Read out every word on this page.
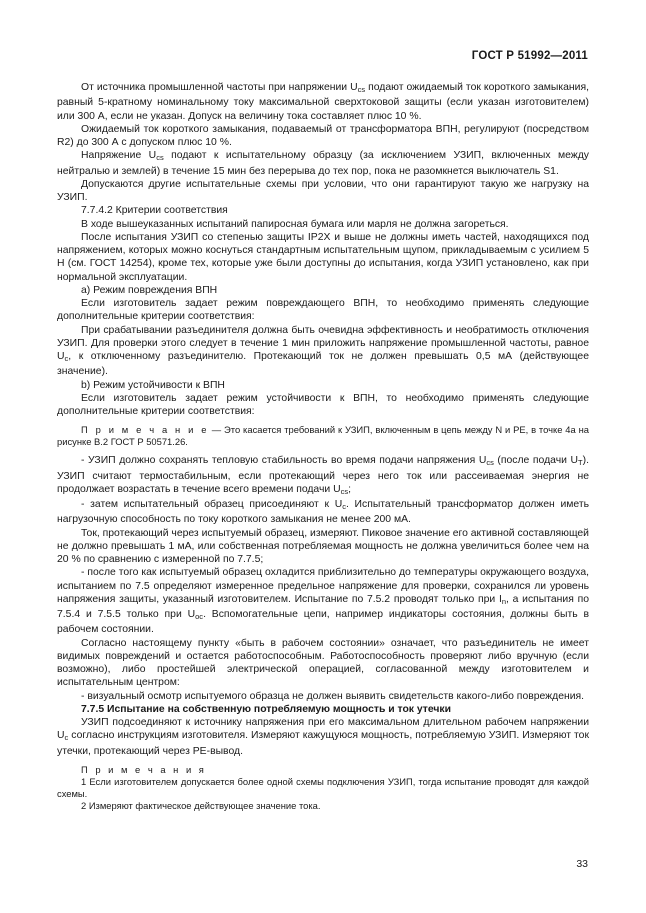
ГОСТ Р 51992—2011

От источника промышленной частоты при напряжении $U_{cs}$ подают ожидаемый ток короткого замыкания, равный 5-кратному номинальному току максимальной сверхтоковой защиты (если указан изготовителем) или 300 А, если не указан. Допуск на величину тока составляет плюс 10 %.

Ожидаемый ток короткого замыкания, подаваемый от трансформатора ВПН, регулируют (посредством R2) до 300 А с допуском плюс 10 %.

Напряжение $U_{cs}$ подают к испытательному образцу (за исключением УЗИП, включенных между нейтралью и землей) в течение 15 мин без перерыва до тех пор, пока не разомкнется выключатель S1.

Допускаются другие испытательные схемы при условии, что они гарантируют такую же нагрузку на УЗИП.

7.7.4.2 Критерии соответствия

В ходе вышеуказанных испытаний папиросная бумага или марля не должна загореться.

После испытания УЗИП со степенью защиты IP2X и выше не должны иметь частей, находящихся под напряжением, которых можно коснуться стандартным испытательным щупом, прикладываемым с усилием 5 Н (см. ГОСТ 14254), кроме тех, которые уже были доступны до испытания, когда УЗИП установлено, как при нормальной эксплуатации.

a) Режим повреждения ВПН

Если изготовитель задает режим повреждающего ВПН, то необходимо применять следующие дополнительные критерии соответствия:

При срабатывании разъединителя должна быть очевидна эффективность и необратимость отключения УЗИП. Для проверки этого следует в течение 1 мин приложить напряжение промышленной частоты, равное $U_c$, к отключенному разъединителю. Протекающий ток не должен превышать 0,5 мА (действующее значение).

b) Режим устойчивости к ВПН

Если изготовитель задает режим устойчивости к ВПН, то необходимо применять следующие дополнительные критерии соответствия:

П р и м е ч а н и е — Это касается требований к УЗИП, включенным в цепь между N и PE, в точке 4a на рисунке В.2 ГОСТ Р 50571.26.

- УЗИП должно сохранять тепловую стабильность во время подачи напряжения $U_{cs}$ (после подачи $U_T$). УЗИП считают термостабильным, если протекающий через него ток или рассеиваемая энергия не продолжает возрастать в течение всего времени подачи $U_{cs}$;

- затем испытательный образец присоединяют к $U_c$. Испытательный трансформатор должен иметь нагрузочную способность по току короткого замыкания не менее 200 мА.

Ток, протекающий через испытуемый образец, измеряют. Пиковое значение его активной составляющей не должно превышать 1 мА, или собственная потребляемая мощность не должна увеличиться более чем на 20 % по сравнению с измеренной по 7.7.5;

- после того как испытуемый образец охладится приблизительно до температуры окружающего воздуха, испытанием по 7.5 определяют измеренное предельное напряжение для проверки, сохранился ли уровень напряжения защиты, указанный изготовителем. Испытание по 7.5.2 проводят только при $I_n$, а испытания по 7.5.4 и 7.5.5 только при $U_{oc}$. Вспомогательные цепи, например индикаторы состояния, должны быть в рабочем состоянии.

Согласно настоящему пункту «быть в рабочем состоянии» означает, что разъединитель не имеет видимых повреждений и остается работоспособным. Работоспособность проверяют либо вручную (если возможно), либо простейшей электрической операцией, согласованной между изготовителем и испытательным центром:

- визуальный осмотр испытуемого образца не должен выявить свидетельств какого-либо повреждения.

7.7.5 Испытание на собственную потребляемую мощность и ток утечки

УЗИП подсоединяют к источнику напряжения при его максимальном длительном рабочем напряжении $U_c$ согласно инструкциям изготовителя. Измеряют кажущуюся мощность, потребляемую УЗИП. Измеряют ток утечки, протекающий через PE-вывод.

П р и м е ч а н и я

1 Если изготовителем допускается более одной схемы подключения УЗИП, тогда испытание проводят для каждой схемы.

2 Измеряют фактическое действующее значение тока.

33
